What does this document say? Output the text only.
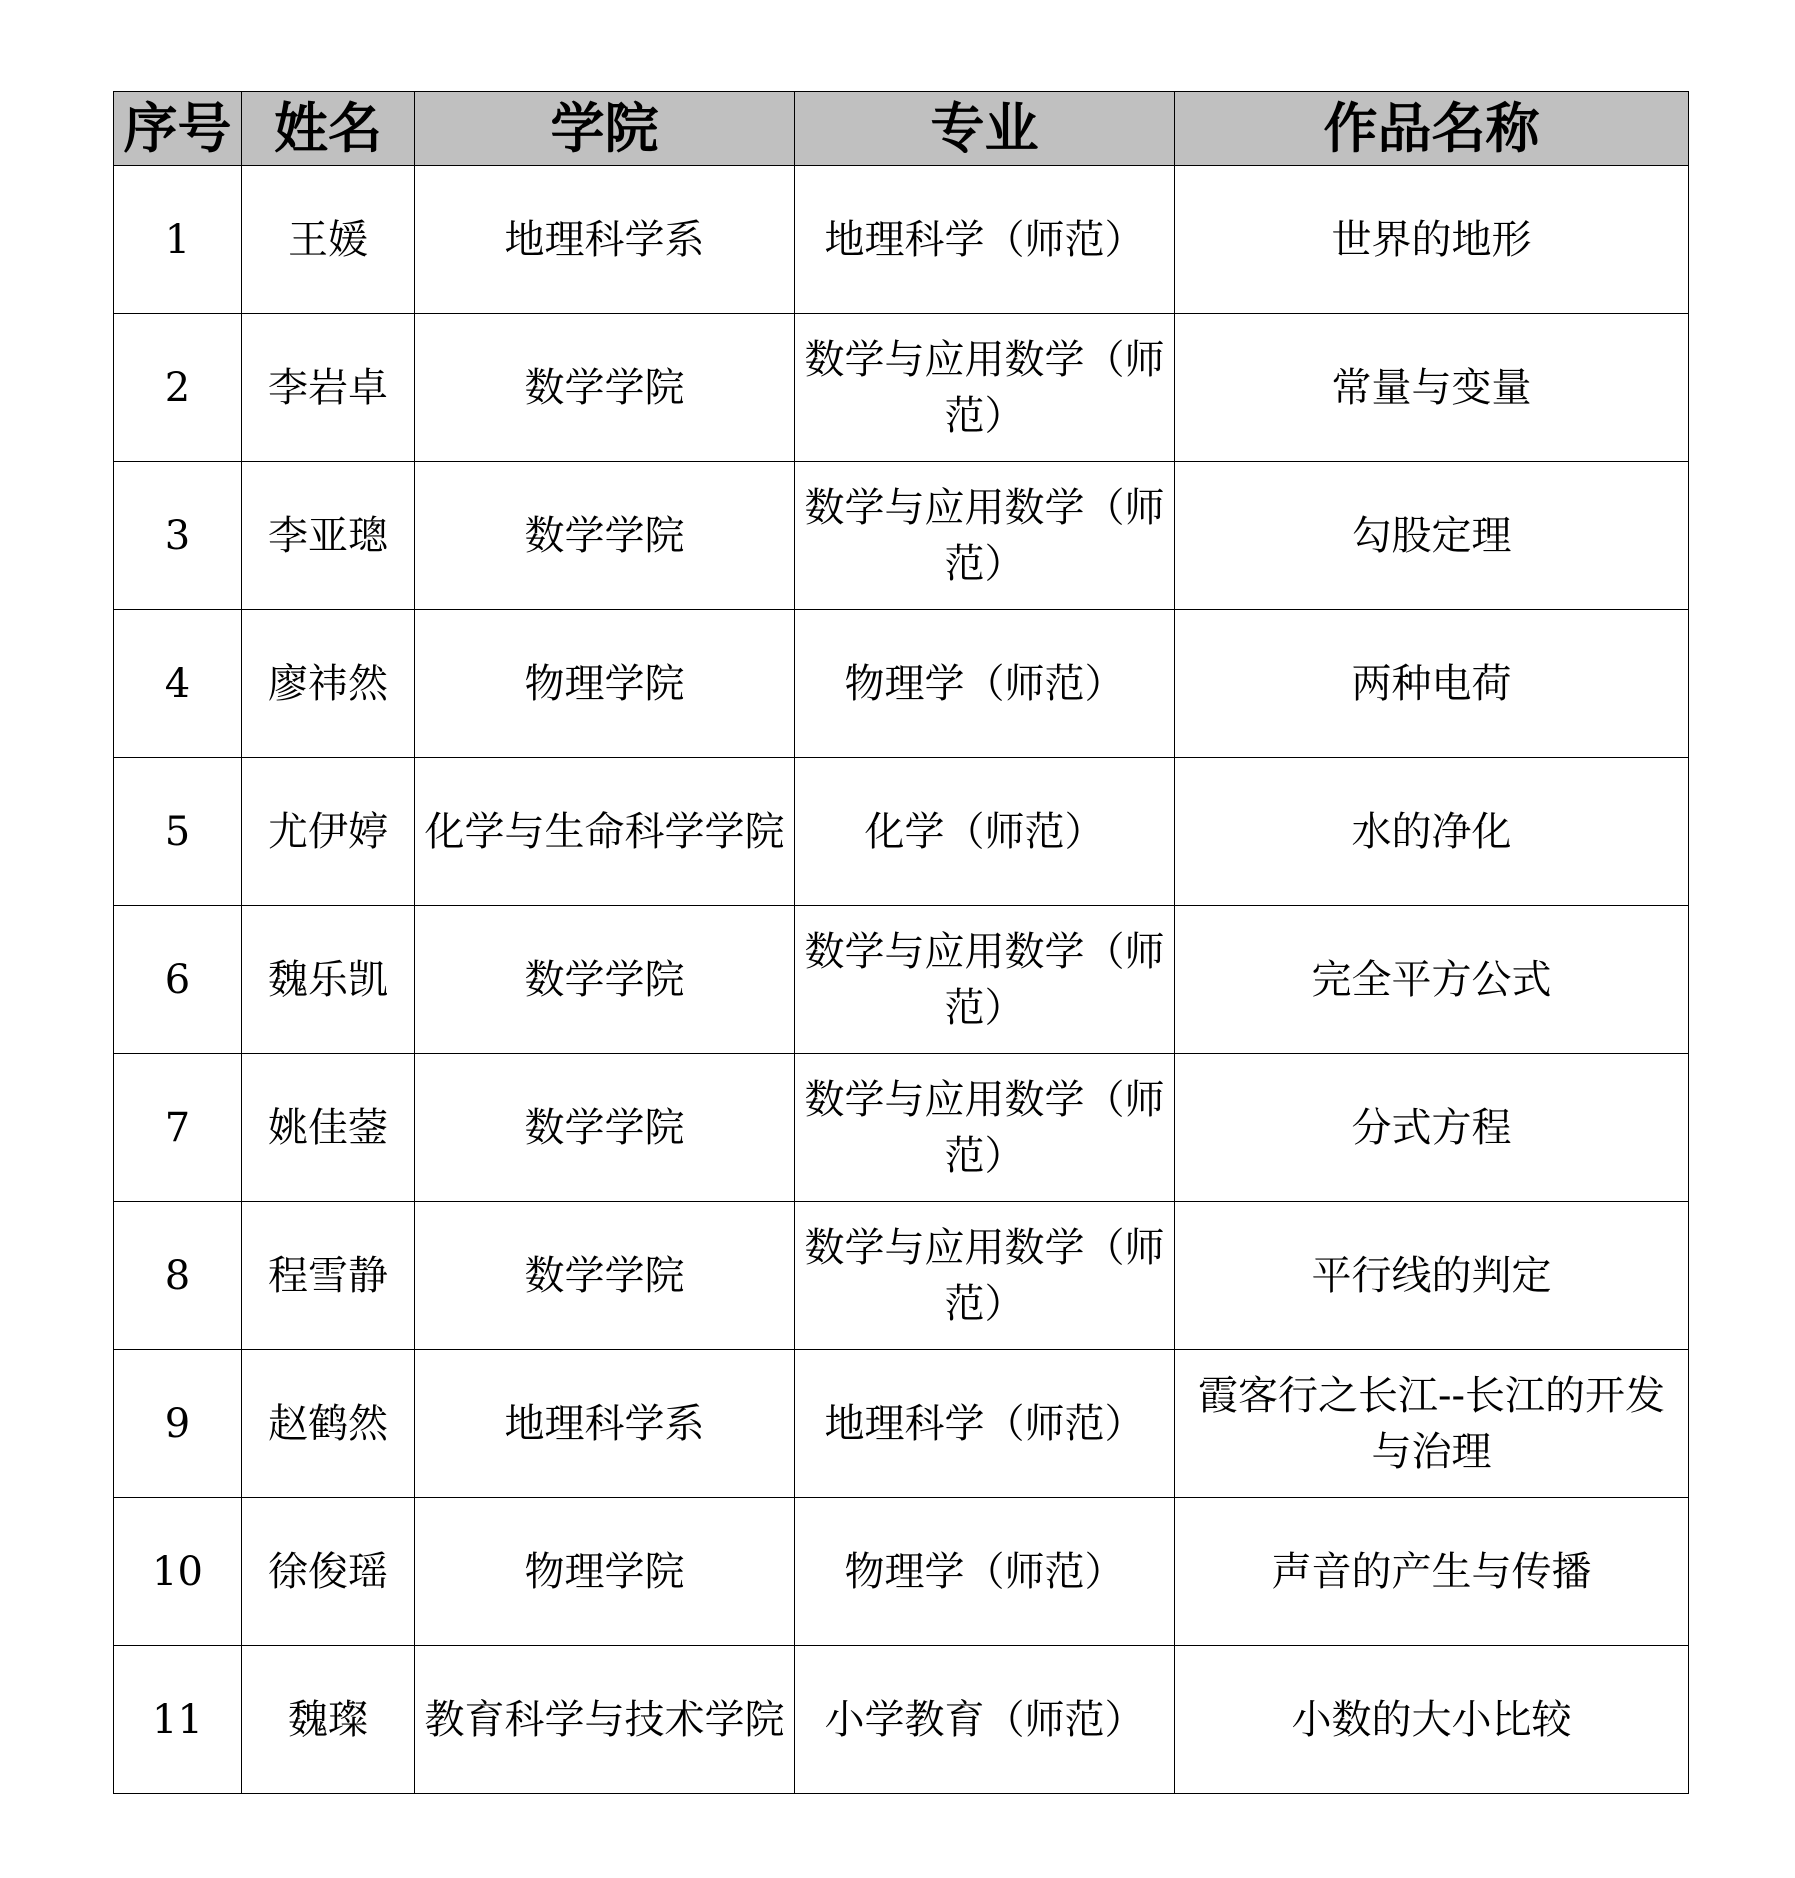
序号	姓名	学院	专业	作品名称
1	王媛	地理科学系	地理科学（师范）	世界的地形
2	李岩卓	数学学院	数学与应用数学（师范）	常量与变量
3	李亚璁	数学学院	数学与应用数学（师范）	勾股定理
4	廖祎然	物理学院	物理学（师范）	两种电荷
5	尤伊婷	化学与生命科学学院	化学（师范）	水的净化
6	魏乐凯	数学学院	数学与应用数学（师范）	完全平方公式
7	姚佳蓥	数学学院	数学与应用数学（师范）	分式方程
8	程雪静	数学学院	数学与应用数学（师范）	平行线的判定
9	赵鹤然	地理科学系	地理科学（师范）	霞客行之长江--长江的开发与治理
10	徐俊瑶	物理学院	物理学（师范）	声音的产生与传播
11	魏璨	教育科学与技术学院	小学教育（师范）	小数的大小比较
